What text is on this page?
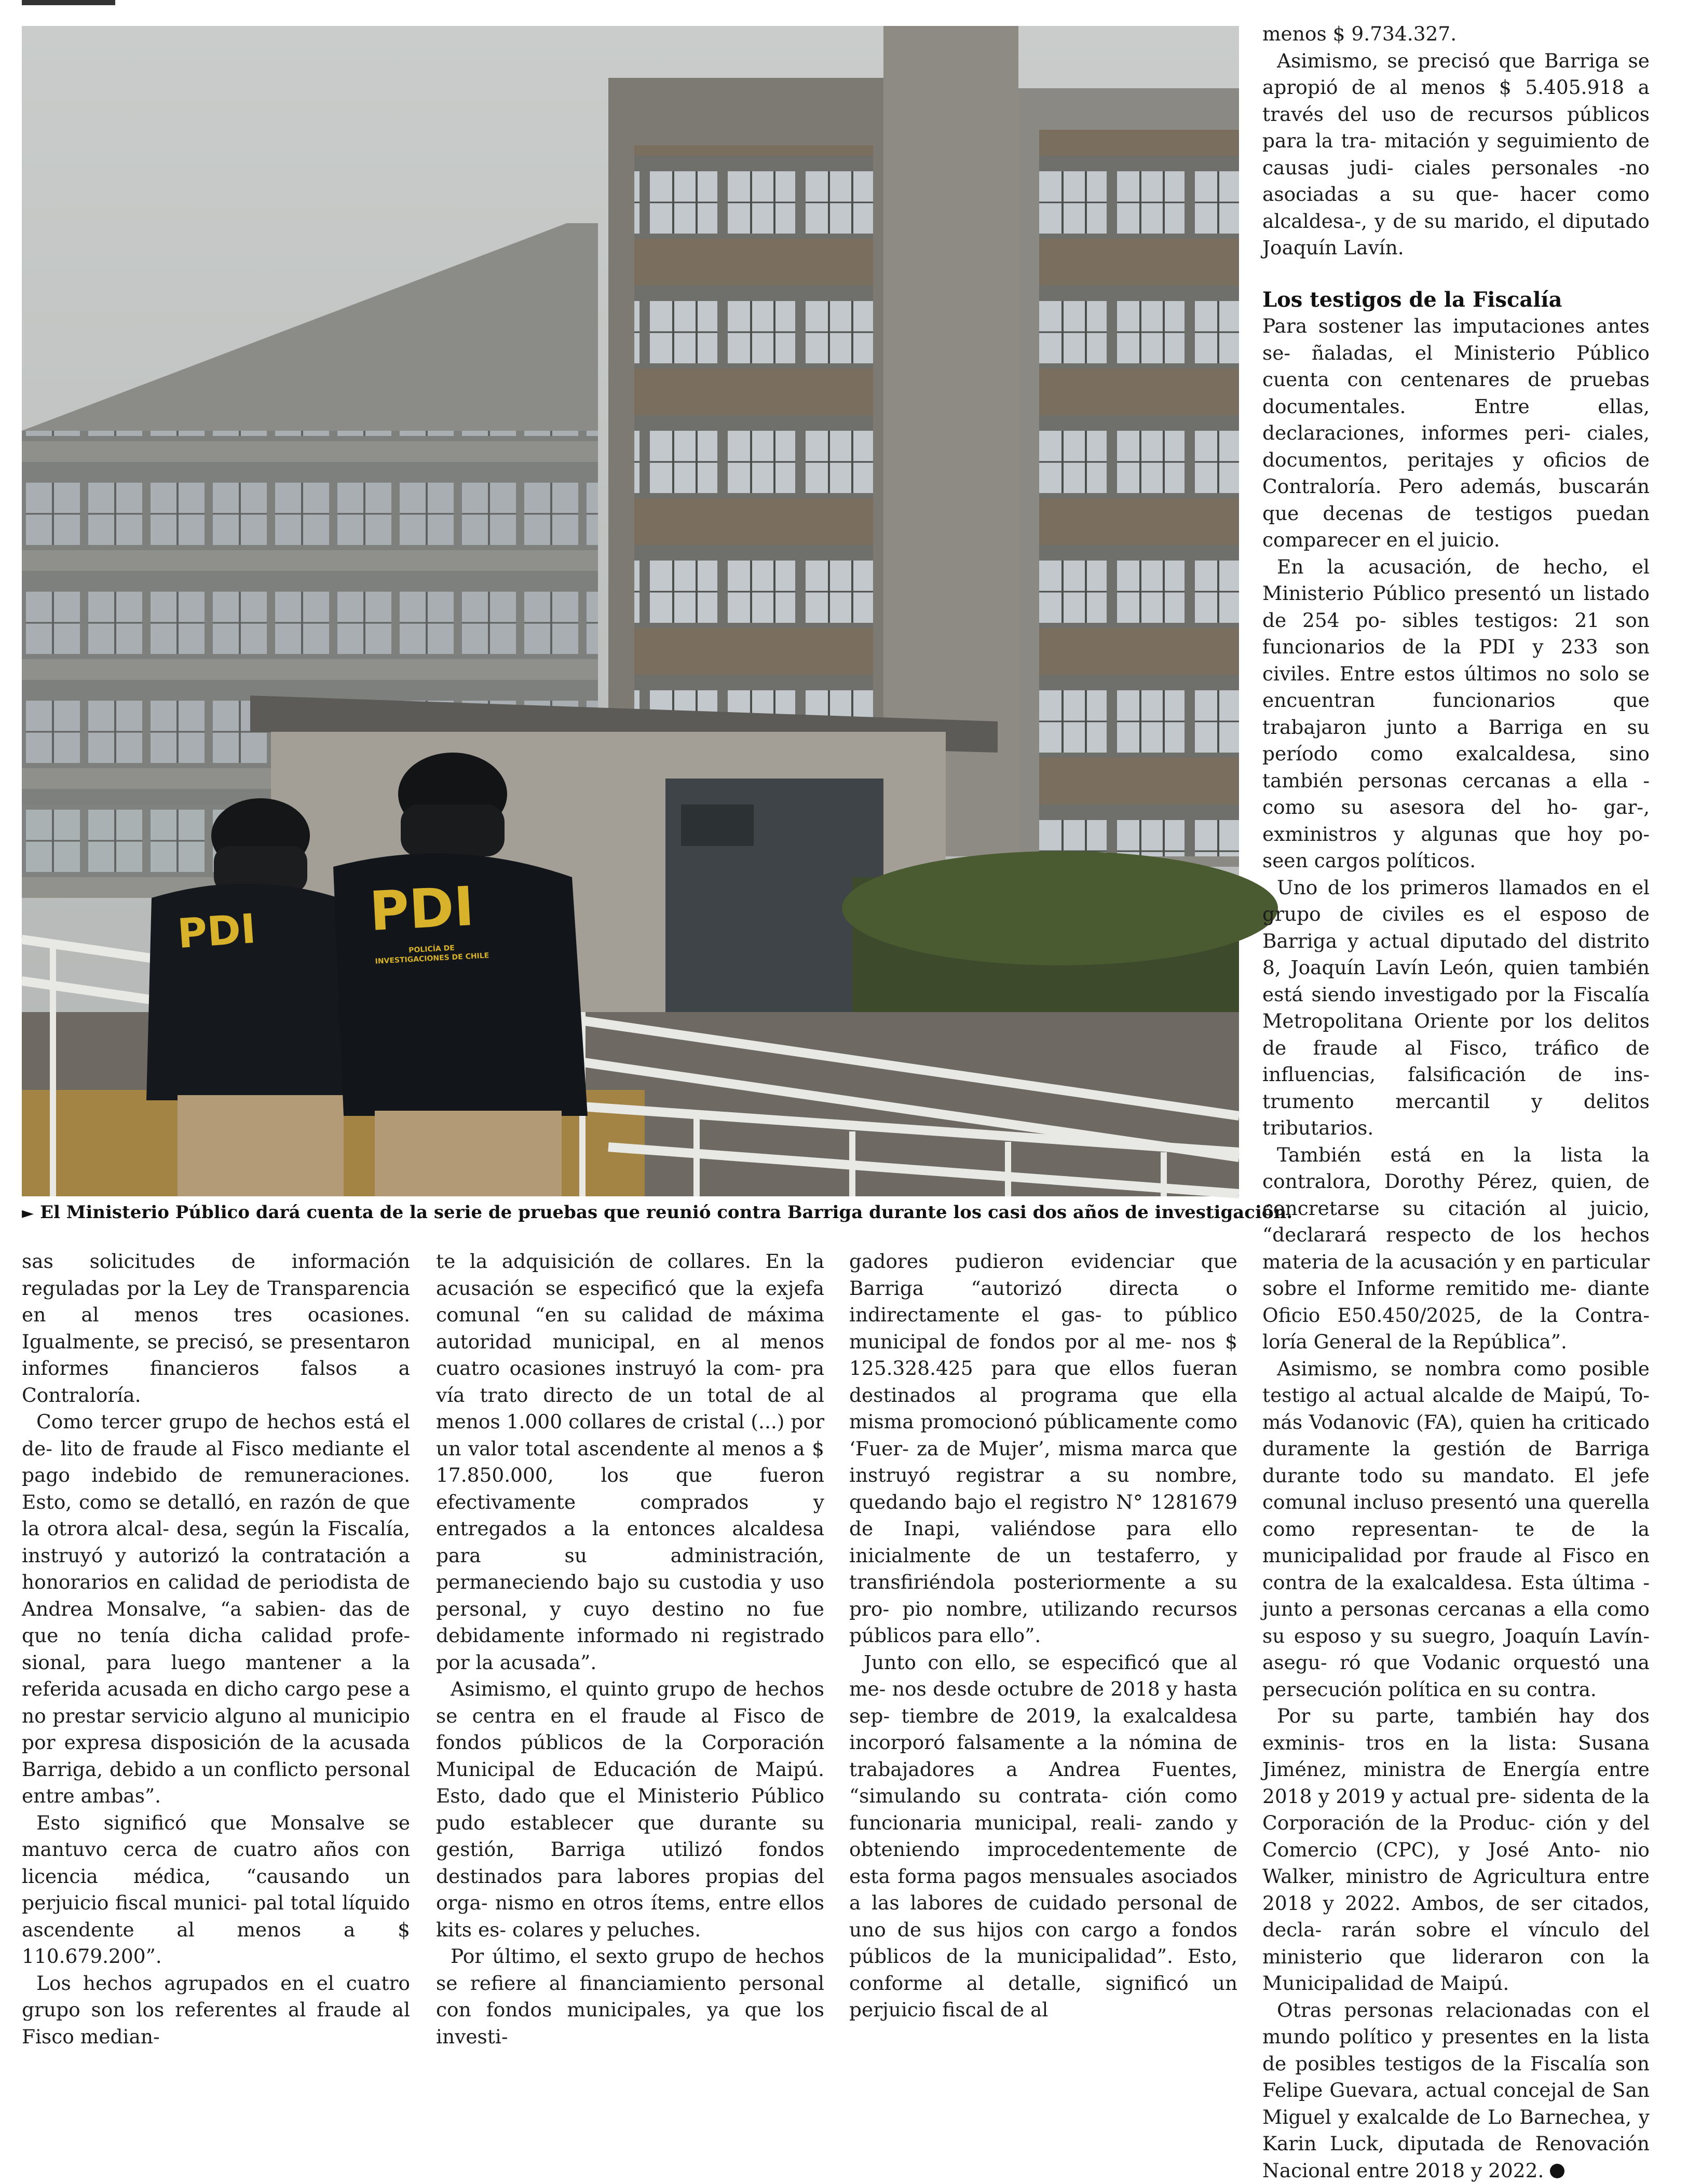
PDI PDI
POLICÍA DE INVESTIGACIONES DE CHILE
► El Ministerio Público dará cuenta de la serie de pruebas que reunió contra Barriga durante los casi dos años de investigación.

menos $ 9.734.327.

Asimismo, se precisó que Barriga se apropió de al menos $ 5.405.918 a través del uso de recursos públicos para la tra- mitación y seguimiento de causas judi- ciales personales -no asociadas a su que- hacer como alcaldesa-, y de su marido, el diputado Joaquín Lavín.

Los testigos de la Fiscalía

Para sostener las imputaciones antes se- ñaladas, el Ministerio Público cuenta con centenares de pruebas documentales. Entre ellas, declaraciones, informes peri- ciales, documentos, peritajes y oficios de Contraloría. Pero además, buscarán que decenas de testigos puedan comparecer en el juicio.

En la acusación, de hecho, el Ministerio Público presentó un listado de 254 po- sibles testigos: 21 son funcionarios de la PDI y 233 son civiles. Entre estos últimos no solo se encuentran funcionarios que trabajaron junto a Barriga en su período como exalcaldesa, sino también personas cercanas a ella -como su asesora del ho- gar-, exministros y algunas que hoy po- seen cargos políticos.

Uno de los primeros llamados en el grupo de civiles es el esposo de Barriga y actual diputado del distrito 8, Joaquín Lavín León, quien también está siendo investigado por la Fiscalía Metropolitana Oriente por los delitos de fraude al Fisco, tráfico de influencias, falsificación de ins- trumento mercantil y delitos tributarios.

También está en la lista la contralora, Dorothy Pérez, quien, de concretarse su citación al juicio, “declarará respecto de los hechos materia de la acusación y en particular sobre el Informe remitido me- diante Oficio E50.450/2025, de la Contra- loría General de la República”.

Asimismo, se nombra como posible testigo al actual alcalde de Maipú, To- más Vodanovic (FA), quien ha criticado duramente la gestión de Barriga durante todo su mandato. El jefe comunal incluso presentó una querella como representan- te de la municipalidad por fraude al Fisco en contra de la exalcaldesa. Esta última -junto a personas cercanas a ella como su esposo y su suegro, Joaquín Lavín- asegu- ró que Vodanic orquestó una persecución política en su contra.

Por su parte, también hay dos exminis- tros en la lista: Susana Jiménez, ministra de Energía entre 2018 y 2019 y actual pre- sidenta de la Corporación de la Produc- ción y del Comercio (CPC), y José Anto- nio Walker, ministro de Agricultura entre 2018 y 2022. Ambos, de ser citados, decla- rarán sobre el vínculo del ministerio que lideraron con la Municipalidad de Maipú.

Otras personas relacionadas con el mundo político y presentes en la lista de posibles testigos de la Fiscalía son Felipe Guevara, actual concejal de San Miguel y exalcalde de Lo Barnechea, y Karin Luck, diputada de Renovación Nacional entre 2018 y 2022.

sas solicitudes de información reguladas por la Ley de Transparencia en al menos tres ocasiones. Igualmente, se precisó, se presentaron informes financieros falsos a Contraloría.

Como tercer grupo de hechos está el de- lito de fraude al Fisco mediante el pago indebido de remuneraciones. Esto, como se detalló, en razón de que la otrora alcal- desa, según la Fiscalía, instruyó y autorizó la contratación a honorarios en calidad de periodista de Andrea Monsalve, “a sabien- das de que no tenía dicha calidad profe- sional, para luego mantener a la referida acusada en dicho cargo pese a no prestar servicio alguno al municipio por expresa disposición de la acusada Barriga, debido a un conflicto personal entre ambas”.

Esto significó que Monsalve se mantuvo cerca de cuatro años con licencia médica, “causando un perjuicio fiscal munici- pal total líquido ascendente al menos a $ 110.679.200”.

Los hechos agrupados en el cuatro grupo son los referentes al fraude al Fisco median-

te la adquisición de collares. En la acusación se especificó que la exjefa comunal “en su calidad de máxima autoridad municipal, en al menos cuatro ocasiones instruyó la com- pra vía trato directo de un total de al menos 1.000 collares de cristal (...) por un valor total ascendente al menos a $ 17.850.000, los que fueron efectivamente comprados y entregados a la entonces alcaldesa para su administración, permaneciendo bajo su custodia y uso personal, y cuyo destino no fue debidamente informado ni registrado por la acusada”.

Asimismo, el quinto grupo de hechos se centra en el fraude al Fisco de fondos públicos de la Corporación Municipal de Educación de Maipú. Esto, dado que el Ministerio Público pudo establecer que durante su gestión, Barriga utilizó fondos destinados para labores propias del orga- nismo en otros ítems, entre ellos kits es- colares y peluches.

Por último, el sexto grupo de hechos se refiere al financiamiento personal con fondos municipales, ya que los investi-

gadores pudieron evidenciar que Barriga “autorizó directa o indirectamente el gas- to público municipal de fondos por al me- nos $ 125.328.425 para que ellos fueran destinados al programa que ella misma promocionó públicamente como ‘Fuer- za de Mujer’, misma marca que instruyó registrar a su nombre, quedando bajo el registro N° 1281679 de Inapi, valiéndose para ello inicialmente de un testaferro, y transfiriéndola posteriormente a su pro- pio nombre, utilizando recursos públicos para ello”.

Junto con ello, se especificó que al me- nos desde octubre de 2018 y hasta sep- tiembre de 2019, la exalcaldesa incorporó falsamente a la nómina de trabajadores a Andrea Fuentes, “simulando su contrata- ción como funcionaria municipal, reali- zando y obteniendo improcedentemente de esta forma pagos mensuales asociados a las labores de cuidado personal de uno de sus hijos con cargo a fondos públicos de la municipalidad”. Esto, conforme al detalle, significó un perjuicio fiscal de al
